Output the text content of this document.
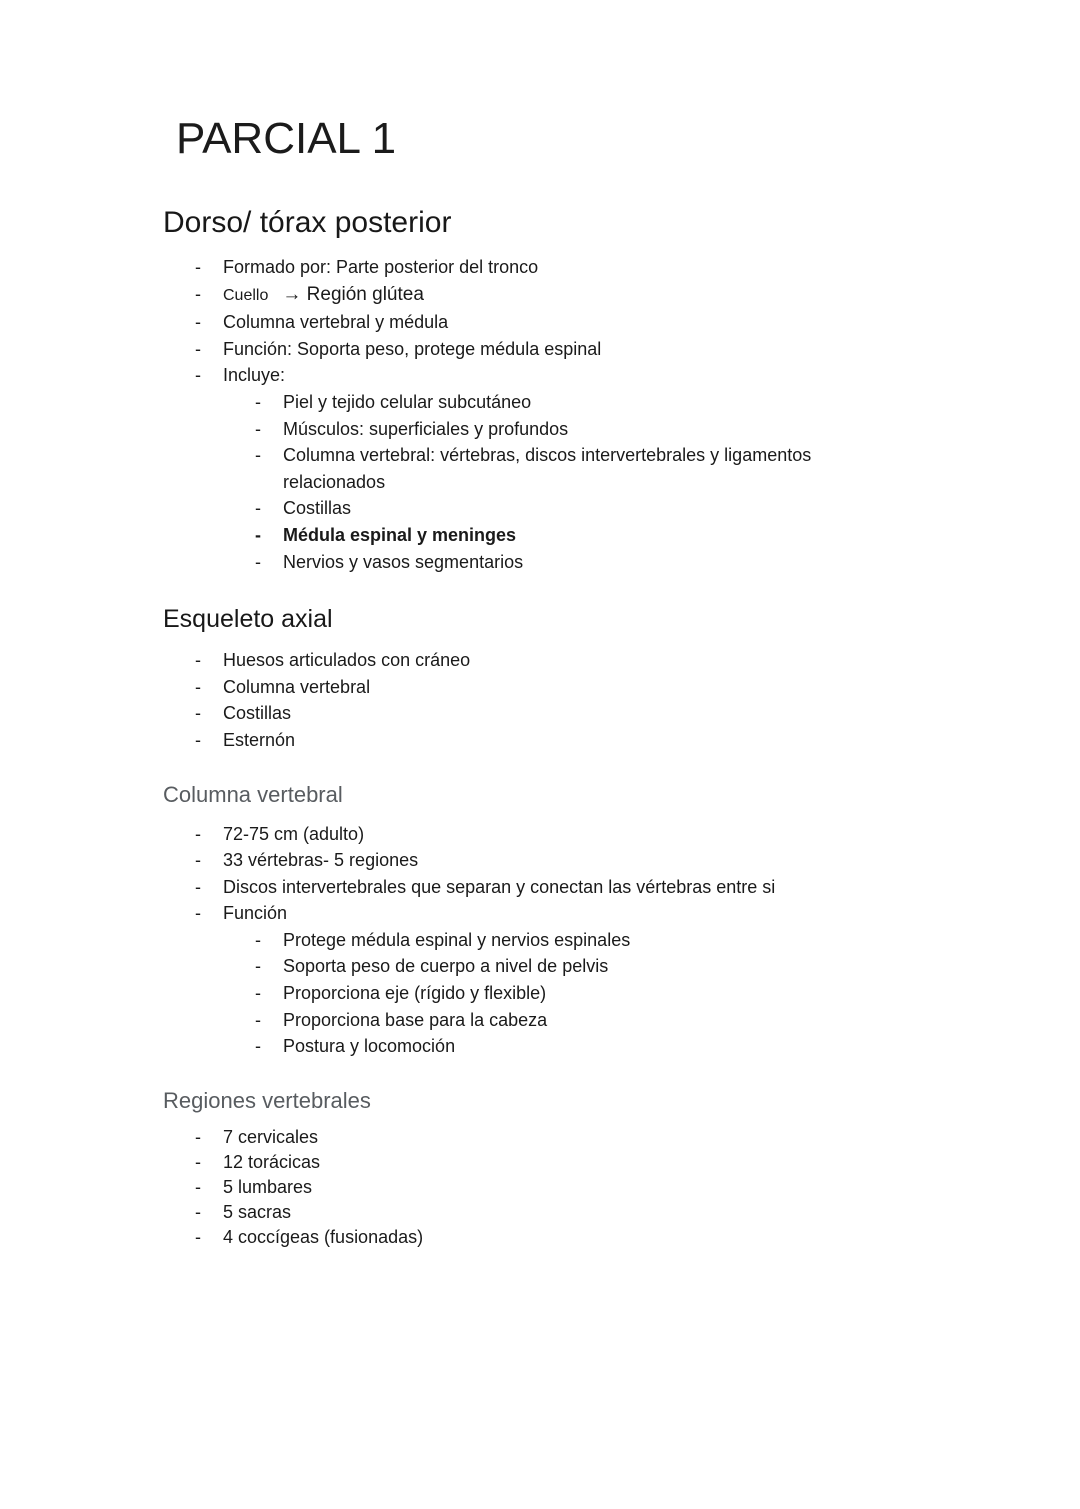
PARCIAL 1
Dorso/ tórax posterior
- Formado por: Parte posterior del tronco
- Cuello → Región glútea
- Columna vertebral y médula
- Función: Soporta peso, protege médula espinal
- Incluye:
- Piel y tejido celular subcutáneo
- Músculos: superficiales y profundos
- Columna vertebral: vértebras, discos intervertebrales y ligamentos relacionados
- Costillas
- Médula espinal y meninges
- Nervios y vasos segmentarios
Esqueleto axial
- Huesos articulados con cráneo
- Columna vertebral
- Costillas
- Esternón
Columna vertebral
- 72-75 cm (adulto)
- 33 vértebras- 5 regiones
- Discos intervertebrales que separan y conectan las vértebras entre si
- Función
- Protege médula espinal y nervios espinales
- Soporta peso de cuerpo a nivel de pelvis
- Proporciona eje (rígido y flexible)
- Proporciona base para la cabeza
- Postura y locomoción
Regiones vertebrales
- 7 cervicales
- 12 torácicas
- 5 lumbares
- 5 sacras
- 4 coccígeas (fusionadas)
